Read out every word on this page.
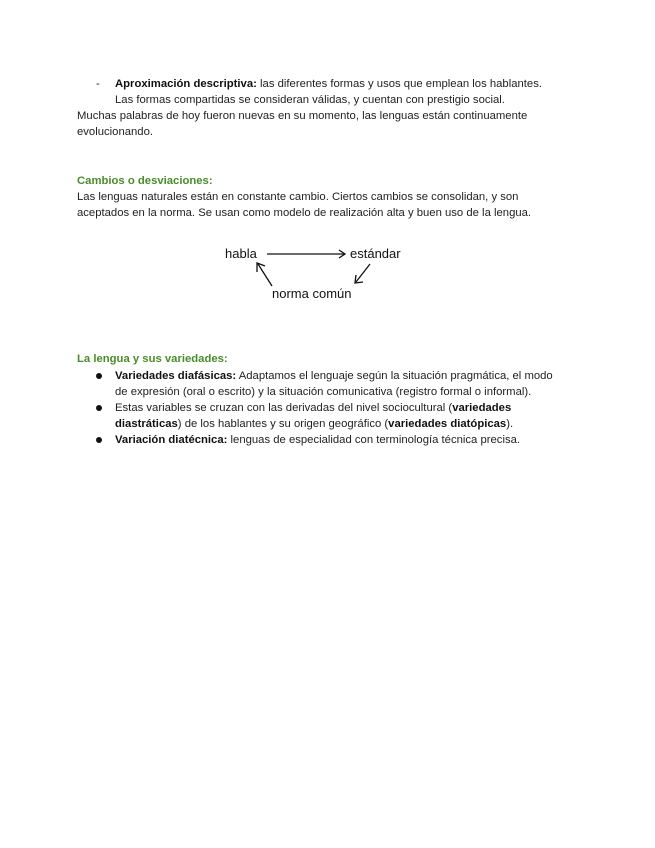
- Aproximación descriptiva: las diferentes formas y usos que emplean los hablantes.
Las formas compartidas se consideran válidas, y cuentan con prestigio social.
Muchas palabras de hoy fueron nuevas en su momento, las lenguas están continuamente
evolucionando.
Cambios o desviaciones:
Las lenguas naturales están en constante cambio. Ciertos cambios se consolidan, y son
aceptados en la norma. Se usan como modelo de realización alta y buen uso de la lengua.
habla	estándar
norma común
La lengua y sus variedades:
Variedades diafásicas: Adaptamos el lenguaje según la situación pragmática, el modo
de expresión (oral o escrito) y la situación comunicativa (registro formal o informal).
Estas variables se cruzan con las derivadas del nivel sociocultural (variedades
diastráticas) de los hablantes y su origen geográfico (variedades diatópicas).
Variación diatécnica: lenguas de especialidad con terminología técnica precisa.
